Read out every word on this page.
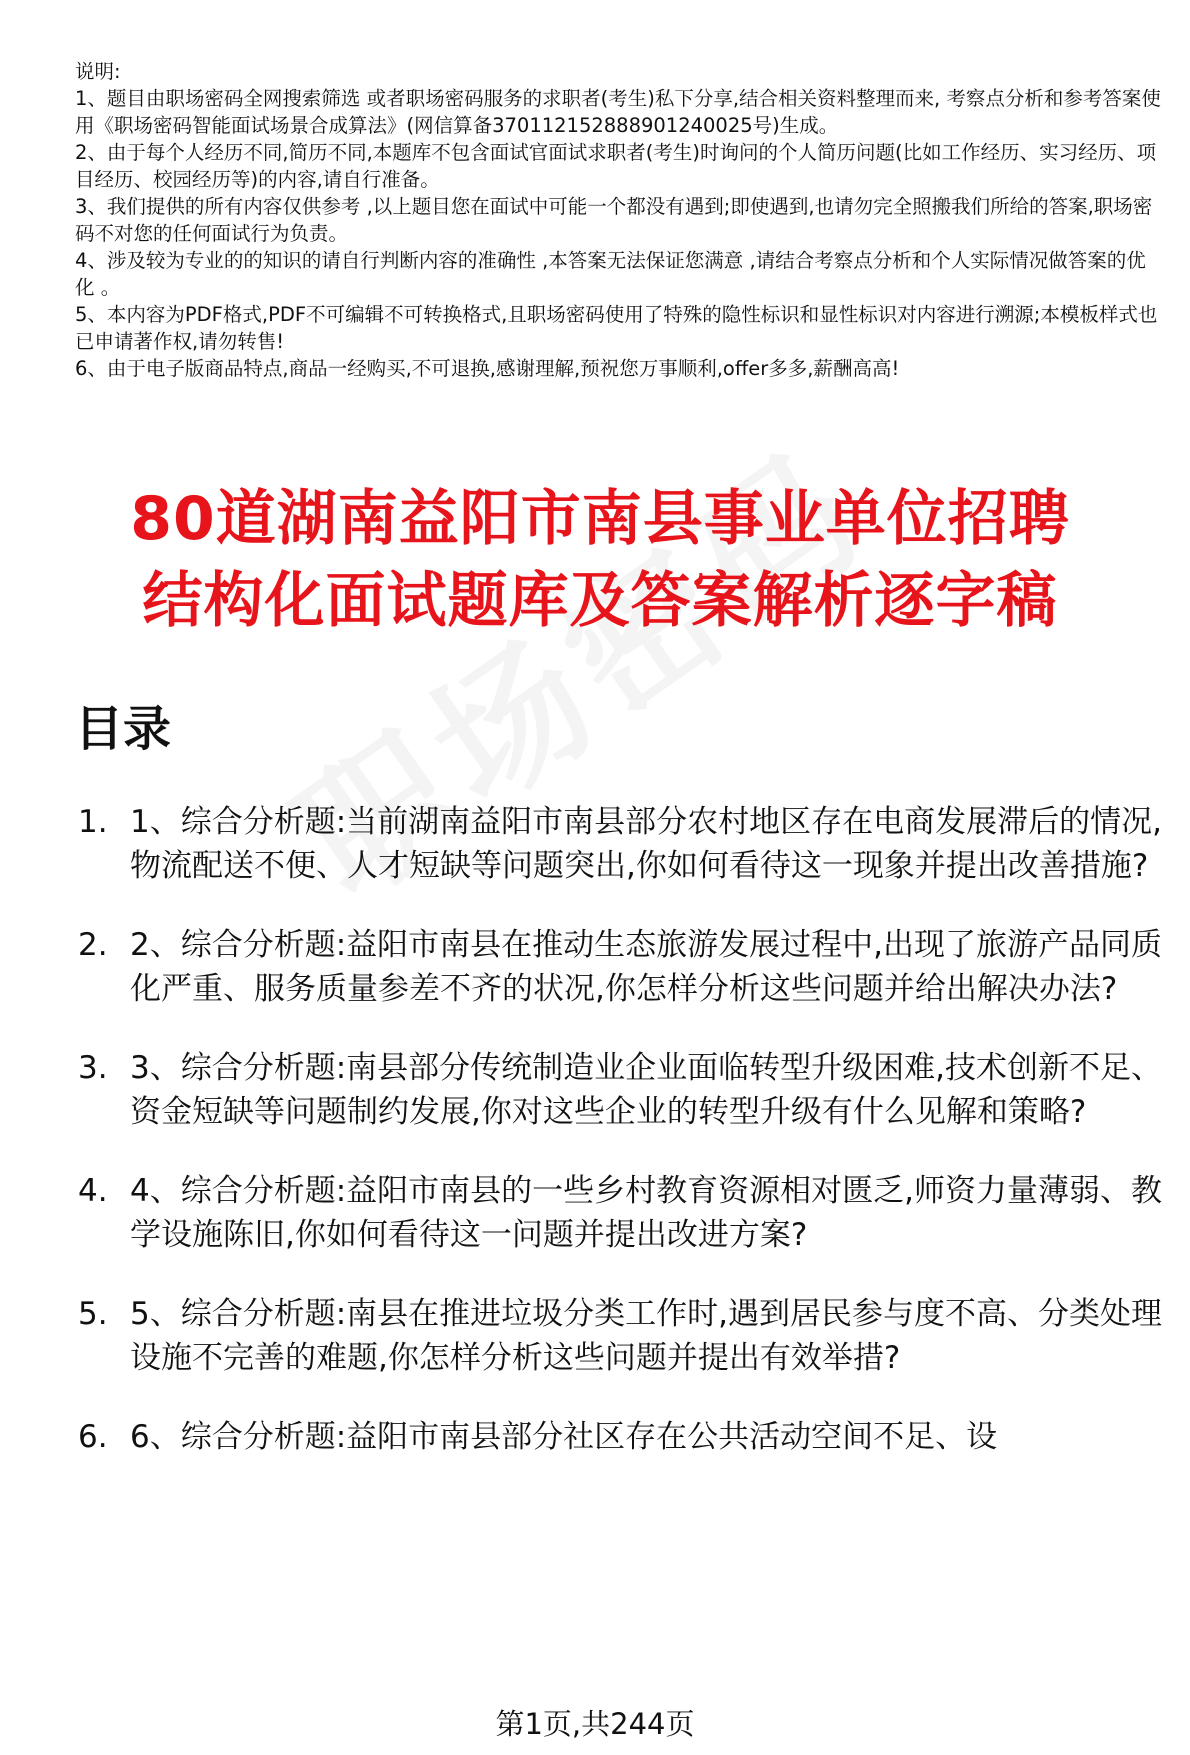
说明:

1、题目由职场密码全网搜索筛选 或者职场密码服务的求职者(考生)私下分享,结合相关资料整理而来, 考察点分析和参考答案使用《职场密码智能面试场景合成算法》(网信算备370112152888901240025号)生成。

2、由于每个人经历不同,简历不同,本题库不包含面试官面试求职者(考生)时询问的个人简历问题(比如工作经历、实习经历、项目经历、校园经历等)的内容,请自行准备。

3、我们提供的所有内容仅供参考 ,以上题目您在面试中可能一个都没有遇到;即使遇到,也请勿完全照搬我们所给的答案,职场密码不对您的任何面试行为负责。

4、涉及较为专业的的知识的请自行判断内容的准确性 ,本答案无法保证您满意 ,请结合考察点分析和个人实际情况做答案的优化 。

5、本内容为PDF格式,PDF不可编辑不可转换格式,且职场密码使用了特殊的隐性标识和显性标识对内容进行溯源;本模板样式也已申请著作权,请勿转售!

6、由于电子版商品特点,商品一经购买,不可退换,感谢理解,预祝您万事顺利,offer多多,薪酬高高!

80道湖南益阳市南县事业单位招聘
结构化面试题库及答案解析逐字稿
目录
1. 1、综合分析题:当前湖南益阳市南县部分农村地区存在电商发展滞后的情况,物流配送不便、人才短缺等问题突出,你如何看待这一现象并提出改善措施?
2. 2、综合分析题:益阳市南县在推动生态旅游发展过程中,出现了旅游产品同质化严重、服务质量参差不齐的状况,你怎样分析这些问题并给出解决办法?
3. 3、综合分析题:南县部分传统制造业企业面临转型升级困难,技术创新不足、资金短缺等问题制约发展,你对这些企业的转型升级有什么见解和策略?
4. 4、综合分析题:益阳市南县的一些乡村教育资源相对匮乏,师资力量薄弱、教学设施陈旧,你如何看待这一问题并提出改进方案?
5. 5、综合分析题:南县在推进垃圾分类工作时,遇到居民参与度不高、分类处理设施不完善的难题,你怎样分析这些问题并提出有效举措?
6. 6、综合分析题:益阳市南县部分社区存在公共活动空间不足、设
第1页,共244页
